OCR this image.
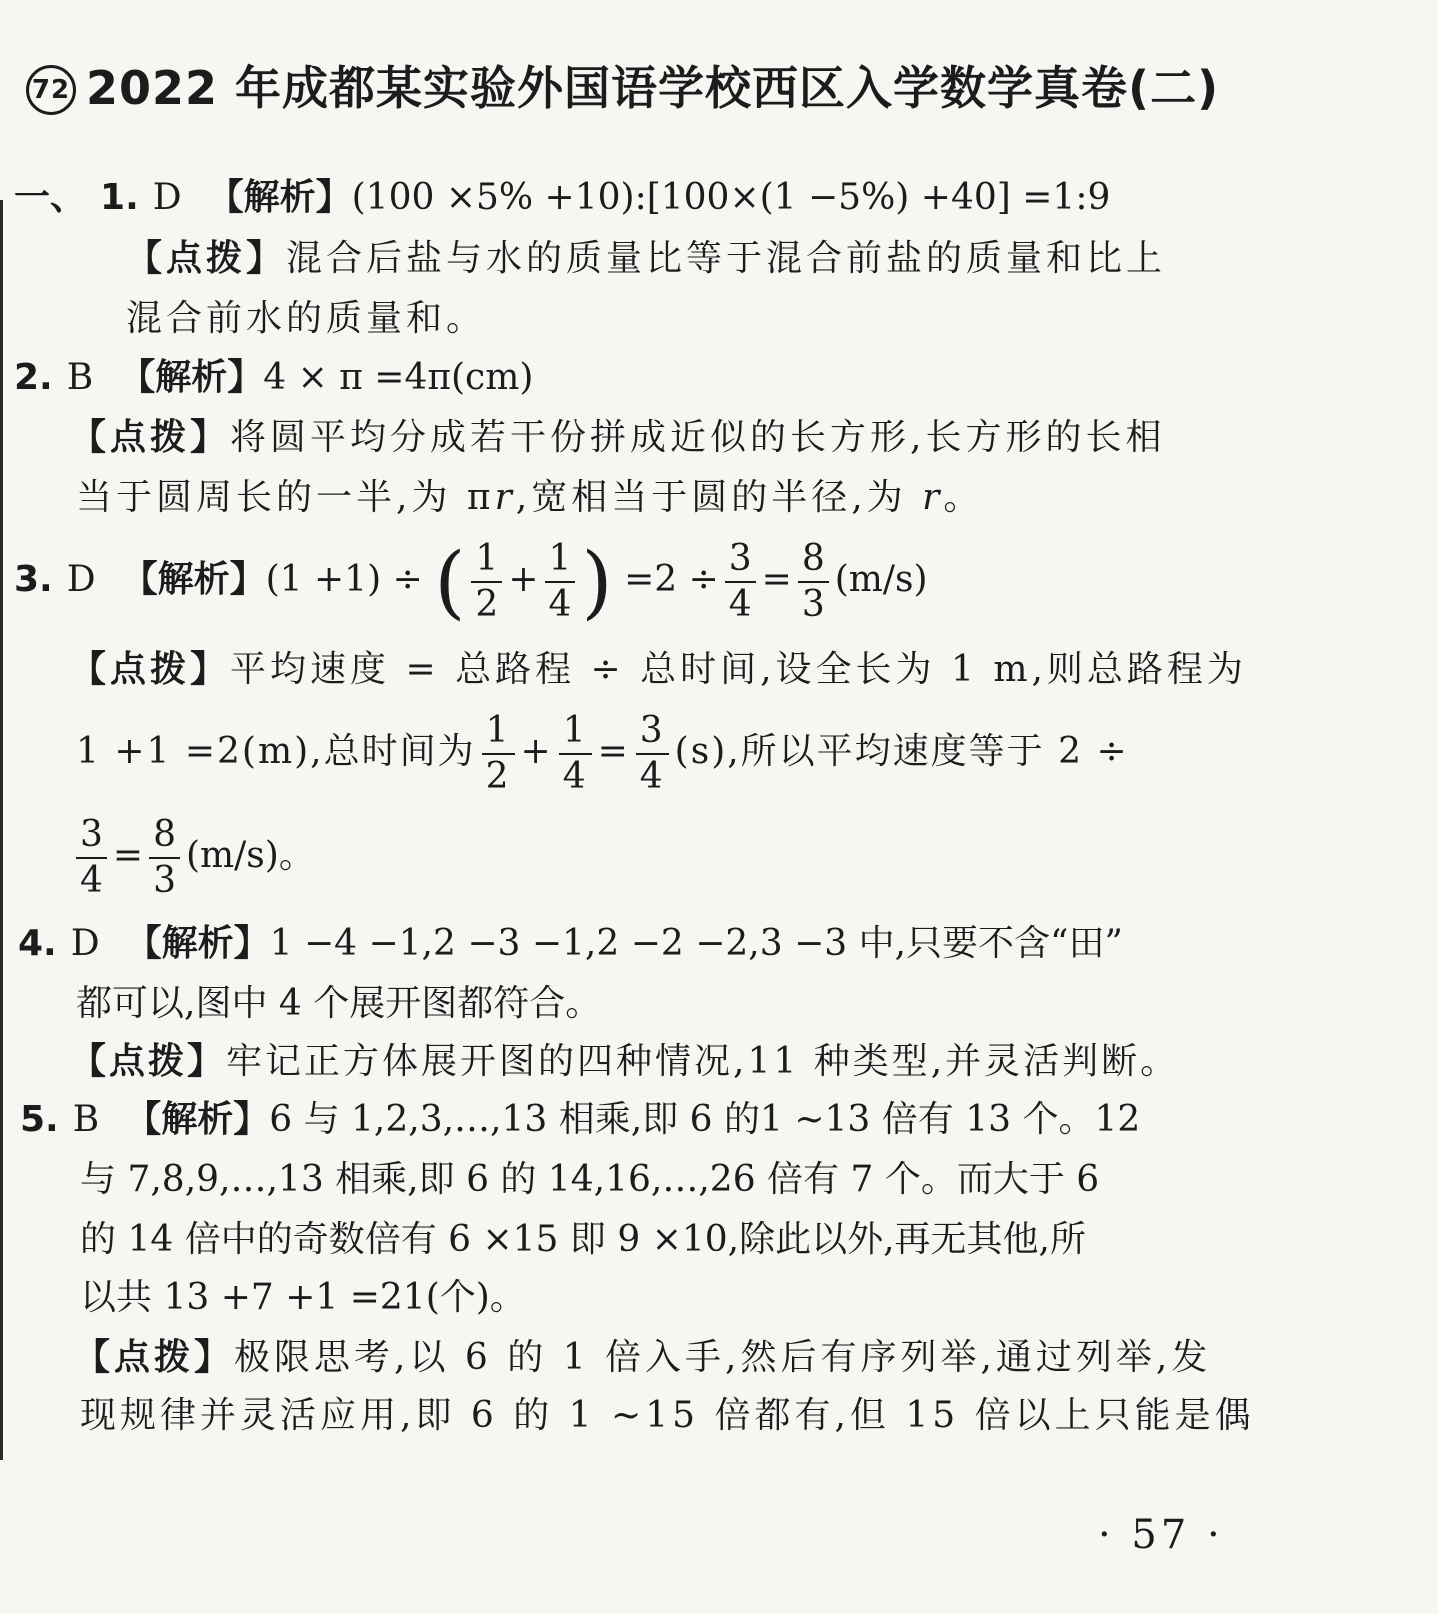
72 2022 年成都某实验外国语学校西区入学数学真卷(二)
一、 1. D 【解析】(100 ×5% +10):[100×(1 −5%) +40] =1:9
【点拨】混合后盐与水的质量比等于混合前盐的质量和比上
混合前水的质量和。
2. B 【解析】4 × π =4π(cm)
【点拨】将圆平均分成若干份拼成近似的长方形,长方形的长相
当于圆周长的一半,为 πr,宽相当于圆的半径,为 r。
3. D 【解析】(1 +1) ÷ ( $\frac{1}{2} + \frac{1}{4}$ ) $=2 \div \frac{3}{4} = \frac{8}{3} (m/s)$
【点拨】平均速度 = 总路程 ÷ 总时间,设全长为 1 m,则总路程为
1 +1 =2(m),总时间为 $\frac{1}{2} + \frac{1}{4} = \frac{3}{4} (s)$,所以平均速度等于 2 ÷
$\frac{3}{4} = \frac{8}{3} (m/s)$。
4. D 【解析】1 −4 −1,2 −3 −1,2 −2 −2,3 −3 中,只要不含“田”
都可以,图中 4 个展开图都符合。
【点拨】牢记正方体展开图的四种情况,11 种类型,并灵活判断。
5. B 【解析】6 与 1,2,3,…,13 相乘,即 6 的1 ~13 倍有 13 个。12
与 7,8,9,…,13 相乘,即 6 的 14,16,…,26 倍有 7 个。而大于 6
的 14 倍中的奇数倍有 6 ×15 即 9 ×10,除此以外,再无其他,所
以共 13 +7 +1 =21(个)。
【点拨】极限思考,以 6 的 1 倍入手,然后有序列举,通过列举,发
现规律并灵活应用,即 6 的 1 ~15 倍都有,但 15 倍以上只能是偶
· 57 ·
